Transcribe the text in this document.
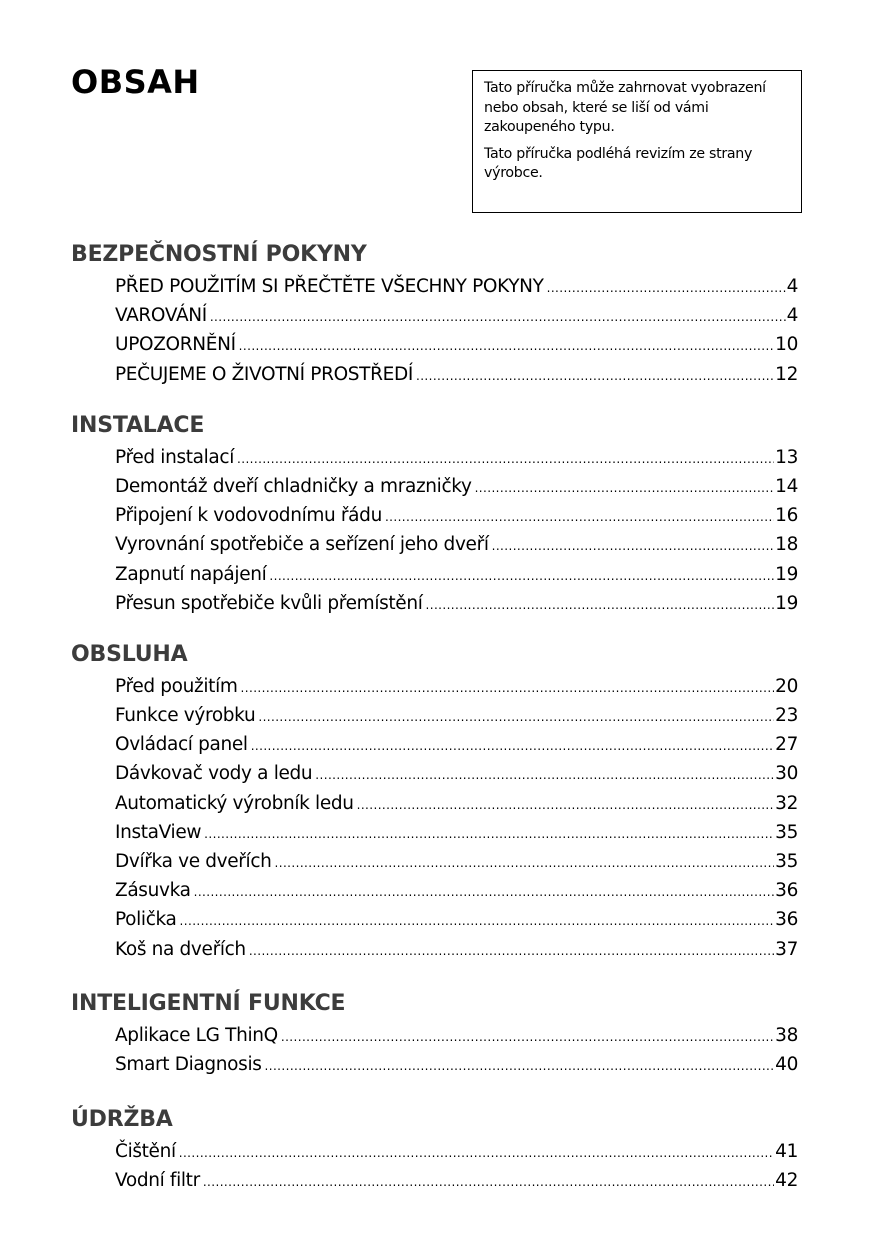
OBSAH	Tato příručka může zahrnovat vyobrazení nebo obsah, které se liší od vámi zakoupeného typu.

Tato příručka podléhá revizím ze strany výrobce.

BEZPEČNOSTNÍ POKYNY
PŘED POUŽITÍM SI PŘEČTĚTE VŠECHNY POKYNY .....	4
VAROVÁNÍ .....	4
UPOZORNĚNÍ .....	10
PEČUJEME O ŽIVOTNÍ PROSTŘEDÍ .....	12
INSTALACE
Před instalací .....	13
Demontáž dveří chladničky a mrazničky .....	14
Připojení k vodovodnímu řádu .....	16
Vyrovnání spotřebiče a seřízení jeho dveří .....	18
Zapnutí napájení .....	19
Přesun spotřebiče kvůli přemístění .....	19
OBSLUHA
Před použitím .....	20
Funkce výrobku .....	23
Ovládací panel .....	27
Dávkovač vody a ledu .....	30
Automatický výrobník ledu .....	32
InstaView .....	35
Dvířka ve dveřích .....	35
Zásuvka .....	36
Polička .....	36
Koš na dveřích .....	37
INTELIGENTNÍ FUNKCE
Aplikace LG ThinQ .....	38
Smart Diagnosis .....	40
ÚDRŽBA
Čištění .....	41
Vodní filtr .....	42
